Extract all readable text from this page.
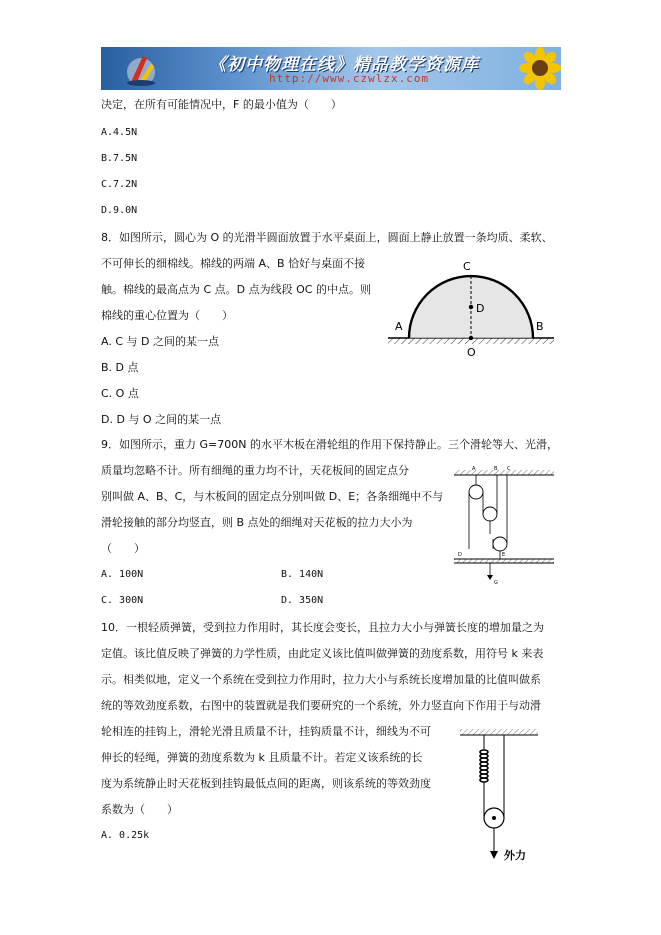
《初中物理在线》精品教学资源库
http://www.czwlzx.com
决定，在所有可能情况中，F 的最小值为（　　）
A.4.5N
B.7.5N
C.7.2N
D.9.0N
8．如图所示，圆心为 O 的光滑半圆面放置于水平桌面上，圆面上静止放置一条均质、柔软、
不可伸长的细棉线。棉线的两端 A、B 恰好与桌面不接
触。棉线的最高点为 C 点。D 点为线段 OC 的中点。则
棉线的重心位置为（　　）
A. C 与 D 之间的某一点
B. D 点
C. O 点
D. D 与 O 之间的某一点
C
D
O
A	B
9．如图所示，重力 G=700N 的水平木板在滑轮组的作用下保持静止。三个滑轮等大、光滑，
质量均忽略不计。所有细绳的重力均不计，天花板间的固定点分
别叫做 A、B、C，与木板间的固定点分别叫做 D、E；各条细绳中不与
滑轮接触的部分均竖直，则 B 点处的细绳对天花板的拉力大小为
（　　）
A. 100N	B. 140N
C. 300N	D. 350N
A	B C
D	E
G
10．一根轻质弹簧，受到拉力作用时，其长度会变长，且拉力大小与弹簧长度的增加量之为
定值。该比值反映了弹簧的力学性质，由此定义该比值叫做弹簧的劲度系数，用符号 k 来表
示。相类似地，定义一个系统在受到拉力作用时，拉力大小与系统长度增加量的比值叫做系
统的等效劲度系数，右图中的装置就是我们要研究的一个系统，外力竖直向下作用于与动滑
轮相连的挂钩上，滑轮光滑且质量不计，挂钩质量不计，细线为不可
伸长的轻绳，弹簧的劲度系数为 k 且质量不计。若定义该系统的长
度为系统静止时天花板到挂钩最低点间的距离，则该系统的等效劲度
系数为（　　）
A. 0.25k
外力
